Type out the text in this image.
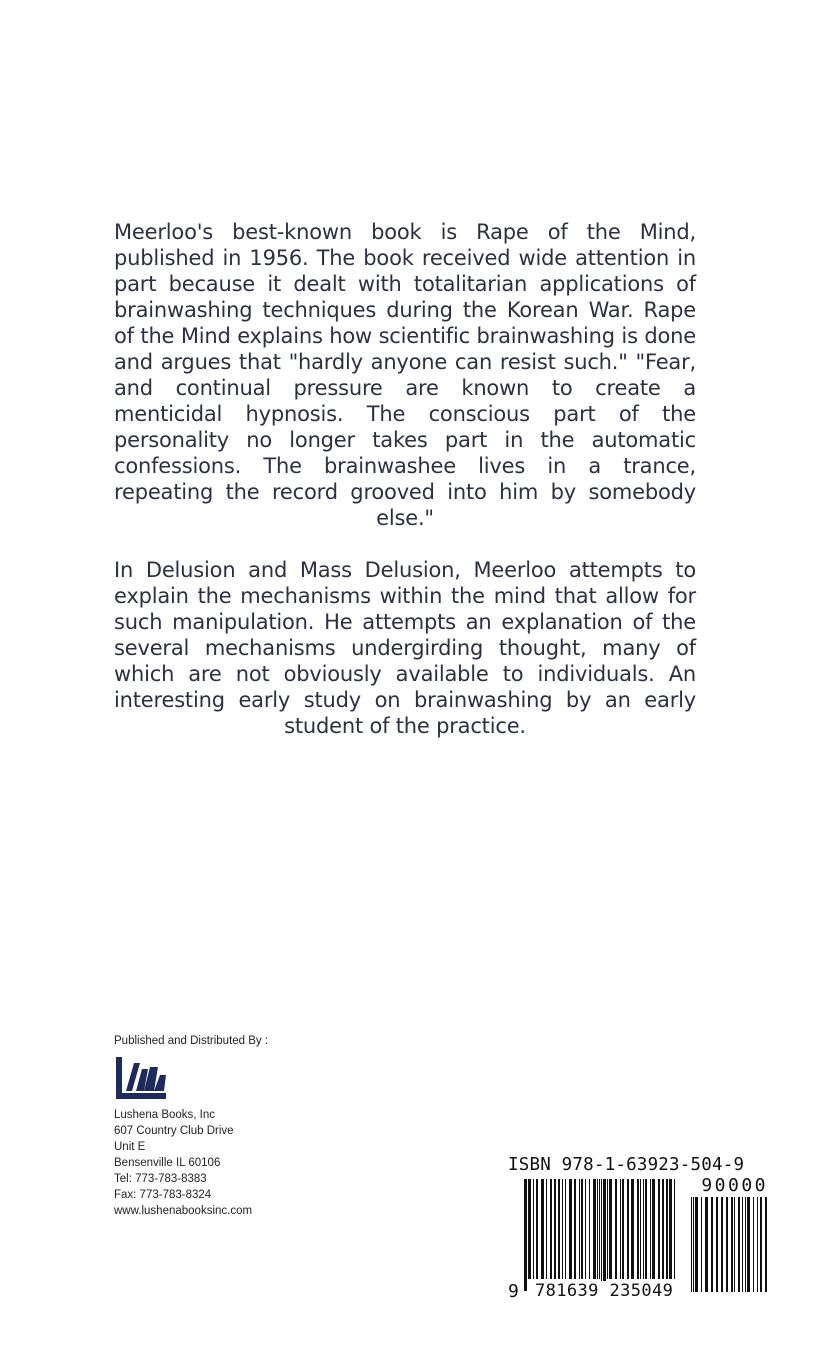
Meerloo's best-known book is Rape of the Mind, published in 1956. The book received wide attention in part because it dealt with totalitarian applications of brainwashing techniques during the Korean War. Rape of the Mind explains how scientific brainwashing is done and argues that "hardly anyone can resist such." "Fear, and continual pressure are known to create a menticidal hypnosis. The conscious part of the personality no longer takes part in the automatic confessions. The brainwashee lives in a trance, repeating the record grooved into him by somebody else."

In Delusion and Mass Delusion, Meerloo attempts to explain the mechanisms within the mind that allow for such manipulation. He attempts an explanation of the several mechanisms undergirding thought, many of which are not obviously available to individuals. An interesting early study on brainwashing by an early student of the practice.

Published and Distributed By :

Lushena Books, Inc
607 Country Club Drive
Unit E
Bensenville IL 60106
Tel: 773-783-8383
Fax: 773-783-8324
www.lushenabooksinc.com
ISBN 978-1-63923-504-9
90000
9 781639 235049
